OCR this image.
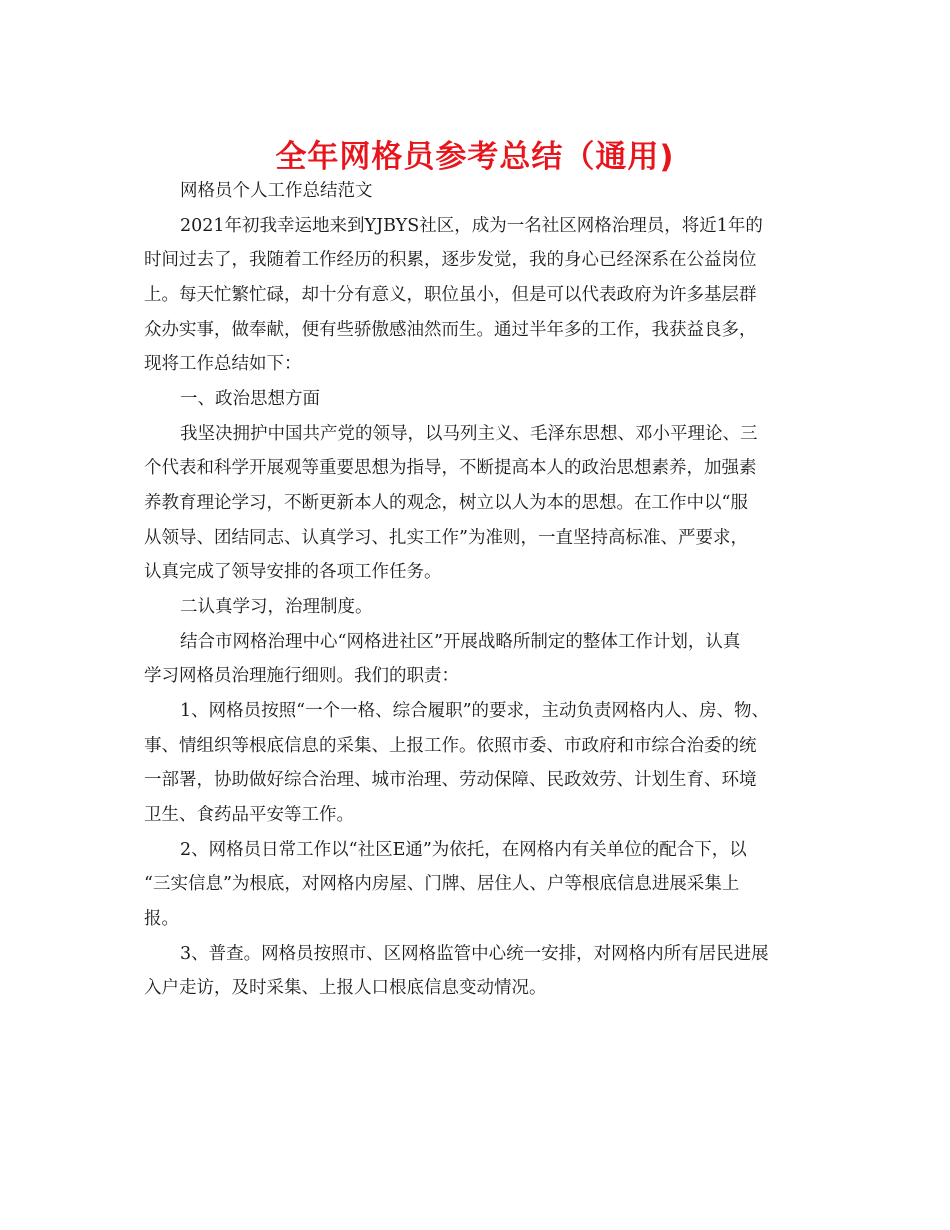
全年网格员参考总结（通用)
网格员个人工作总结范文
2021年初我幸运地来到YJBYS社区，成为一名社区网格治理员，将近1年的
时间过去了，我随着工作经历的积累，逐步发觉，我的身心已经深系在公益岗位
上。每天忙繁忙碌，却十分有意义，职位虽小，但是可以代表政府为许多基层群
众办实事，做奉献，便有些骄傲感油然而生。通过半年多的工作，我获益良多，
现将工作总结如下：
一、政治思想方面
我坚决拥护中国共产党的领导，以马列主义、毛泽东思想、邓小平理论、三
个代表和科学开展观等重要思想为指导，不断提高本人的政治思想素养，加强素
养教育理论学习，不断更新本人的观念，树立以人为本的思想。在工作中以“服
从领导、团结同志、认真学习、扎实工作”为准则，一直坚持高标准、严要求，
认真完成了领导安排的各项工作任务。
二认真学习，治理制度。
结合市网格治理中心“网格进社区”开展战略所制定的整体工作计划，认真
学习网格员治理施行细则。我们的职责：
1、网格员按照“一个一格、综合履职”的要求，主动负责网格内人、房、物、
事、情组织等根底信息的采集、上报工作。依照市委、市政府和市综合治委的统
一部署，协助做好综合治理、城市治理、劳动保障、民政效劳、计划生育、环境
卫生、食药品平安等工作。
2、网格员日常工作以“社区E通”为依托，在网格内有关单位的配合下，以
“三实信息”为根底，对网格内房屋、门牌、居住人、户等根底信息进展采集上
报。
3、普查。网格员按照市、区网格监管中心统一安排，对网格内所有居民进展
入户走访，及时采集、上报人口根底信息变动情况。
